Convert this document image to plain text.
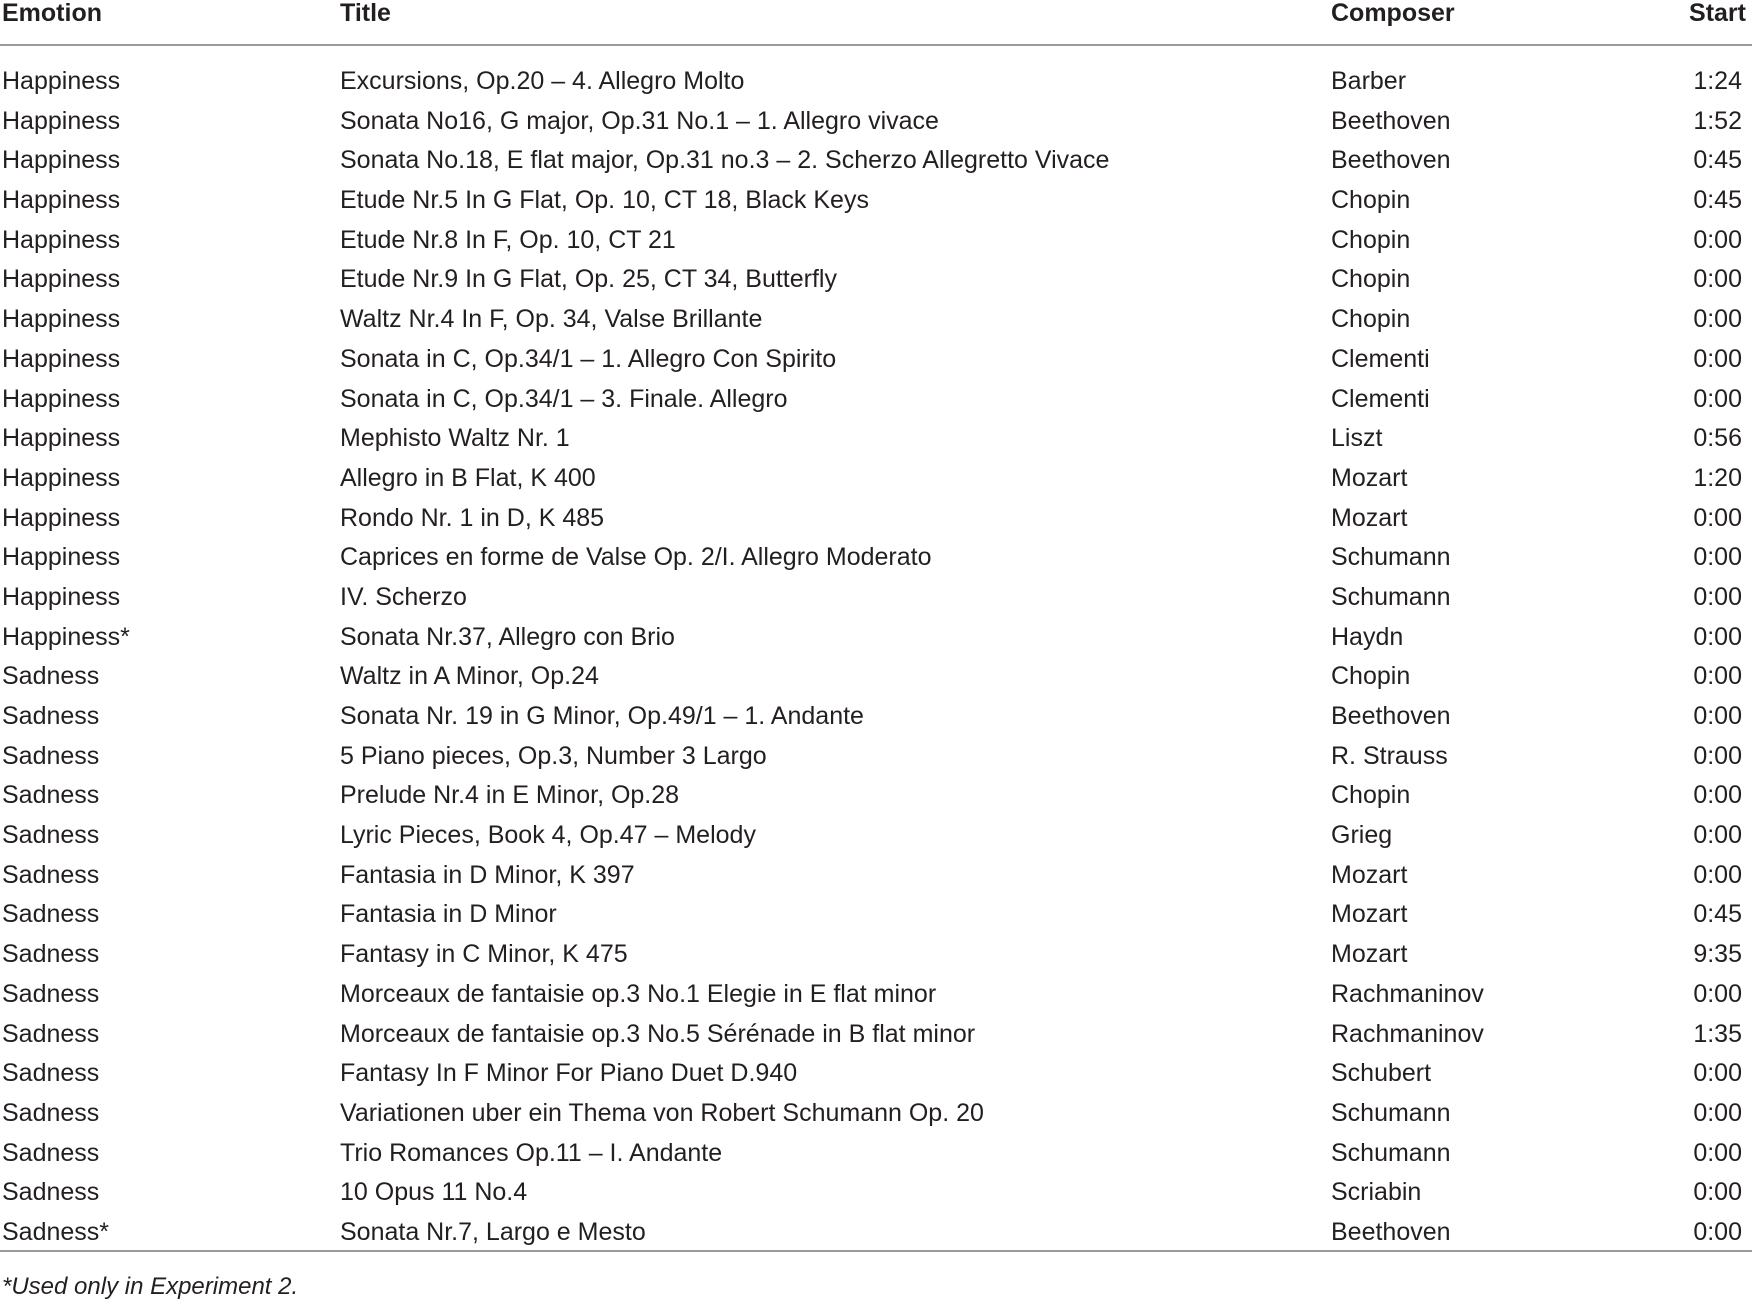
Emotion	Title	Composer	Start
Happiness	Excursions, Op.20 – 4. Allegro Molto	Barber	1:24
Happiness	Sonata No16, G major, Op.31 No.1 – 1. Allegro vivace	Beethoven	1:52
Happiness	Sonata No.18, E flat major, Op.31 no.3 – 2. Scherzo Allegretto Vivace	Beethoven	0:45
Happiness	Etude Nr.5 In G Flat, Op. 10, CT 18, Black Keys	Chopin	0:45
Happiness	Etude Nr.8 In F, Op. 10, CT 21	Chopin	0:00
Happiness	Etude Nr.9 In G Flat, Op. 25, CT 34, Butterfly	Chopin	0:00
Happiness	Waltz Nr.4 In F, Op. 34, Valse Brillante	Chopin	0:00
Happiness	Sonata in C, Op.34/1 – 1. Allegro Con Spirito	Clementi	0:00
Happiness	Sonata in C, Op.34/1 – 3. Finale. Allegro	Clementi	0:00
Happiness	Mephisto Waltz Nr. 1	Liszt	0:56
Happiness	Allegro in B Flat, K 400	Mozart	1:20
Happiness	Rondo Nr. 1 in D, K 485	Mozart	0:00
Happiness	Caprices en forme de Valse Op. 2/I. Allegro Moderato	Schumann	0:00
Happiness	IV. Scherzo	Schumann	0:00
Happiness*	Sonata Nr.37, Allegro con Brio	Haydn	0:00
Sadness	Waltz in A Minor, Op.24	Chopin	0:00
Sadness	Sonata Nr. 19 in G Minor, Op.49/1 – 1. Andante	Beethoven	0:00
Sadness	5 Piano pieces, Op.3, Number 3 Largo	R. Strauss	0:00
Sadness	Prelude Nr.4 in E Minor, Op.28	Chopin	0:00
Sadness	Lyric Pieces, Book 4, Op.47 – Melody	Grieg	0:00
Sadness	Fantasia in D Minor, K 397	Mozart	0:00
Sadness	Fantasia in D Minor	Mozart	0:45
Sadness	Fantasy in C Minor, K 475	Mozart	9:35
Sadness	Morceaux de fantaisie op.3 No.1 Elegie in E flat minor	Rachmaninov	0:00
Sadness	Morceaux de fantaisie op.3 No.5 Sérénade in B flat minor	Rachmaninov	1:35
Sadness	Fantasy In F Minor For Piano Duet D.940	Schubert	0:00
Sadness	Variationen uber ein Thema von Robert Schumann Op. 20	Schumann	0:00
Sadness	Trio Romances Op.11 – I. Andante	Schumann	0:00
Sadness	10 Opus 11 No.4	Scriabin	0:00
Sadness*	Sonata Nr.7, Largo e Mesto	Beethoven	0:00
*Used only in Experiment 2.
